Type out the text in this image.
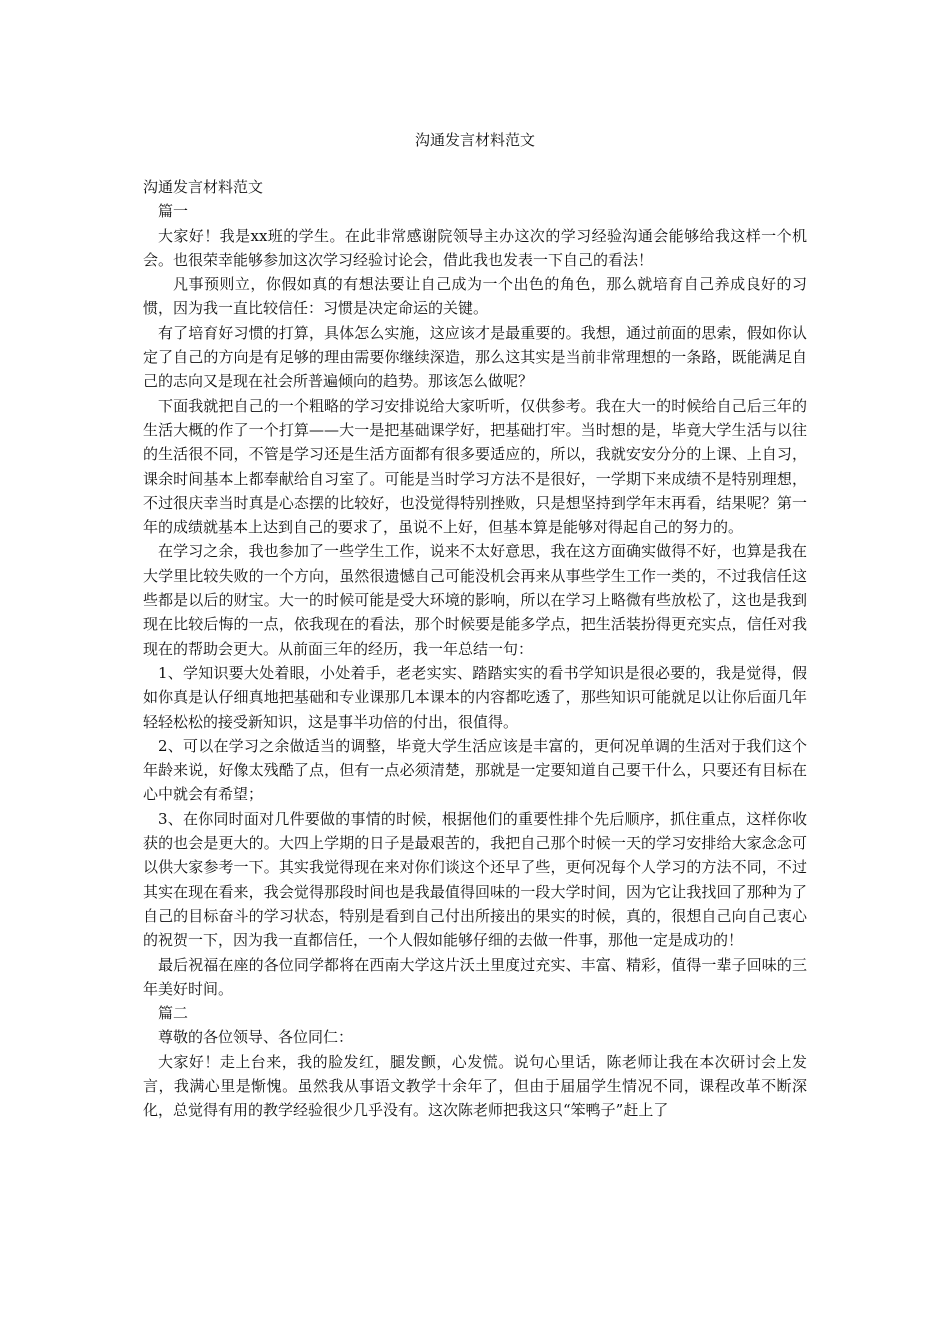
沟通发言材料范文

沟通发言材料范文

篇一

大家好！我是xx班的学生。在此非常感谢院领导主办这次的学习经验沟通会能够给我这样一个机会。也很荣幸能够参加这次学习经验讨论会，借此我也发表一下自己的看法！

凡事预则立，你假如真的有想法要让自己成为一个出色的角色，那么就培育自己养成良好的习惯，因为我一直比较信任：习惯是决定命运的关键。

有了培育好习惯的打算，具体怎么实施，这应该才是最重要的。我想，通过前面的思索，假如你认定了自己的方向是有足够的理由需要你继续深造，那么这其实是当前非常理想的一条路，既能满足自己的志向又是现在社会所普遍倾向的趋势。那该怎么做呢？

下面我就把自己的一个粗略的学习安排说给大家听听，仅供参考。我在大一的时候给自己后三年的生活大概的作了一个打算——大一是把基础课学好，把基础打牢。当时想的是，毕竟大学生活与以往的生活很不同，不管是学习还是生活方面都有很多要适应的，所以，我就安安分分的上课、上自习，课余时间基本上都奉献给自习室了。可能是当时学习方法不是很好，一学期下来成绩不是特别理想，不过很庆幸当时真是心态摆的比较好，也没觉得特别挫败，只是想坚持到学年末再看，结果呢？第一年的成绩就基本上达到自己的要求了，虽说不上好，但基本算是能够对得起自己的努力的。

在学习之余，我也参加了一些学生工作，说来不太好意思，我在这方面确实做得不好，也算是我在大学里比较失败的一个方向，虽然很遗憾自己可能没机会再来从事些学生工作一类的，不过我信任这些都是以后的财宝。大一的时候可能是受大环境的影响，所以在学习上略微有些放松了，这也是我到现在比较后悔的一点，依我现在的看法，那个时候要是能多学点，把生活装扮得更充实点，信任对我现在的帮助会更大。从前面三年的经历，我一年总结一句：

1、学知识要大处着眼，小处着手，老老实实、踏踏实实的看书学知识是很必要的，我是觉得，假如你真是认仔细真地把基础和专业课那几本课本的内容都吃透了，那些知识可能就足以让你后面几年轻轻松松的接受新知识，这是事半功倍的付出，很值得。

2、可以在学习之余做适当的调整，毕竟大学生活应该是丰富的，更何况单调的生活对于我们这个年龄来说，好像太残酷了点，但有一点必须清楚，那就是一定要知道自己要干什么，只要还有目标在心中就会有希望；

3、在你同时面对几件要做的事情的时候，根据他们的重要性排个先后顺序，抓住重点，这样你收获的也会是更大的。大四上学期的日子是最艰苦的，我把自己那个时候一天的学习安排给大家念念可以供大家参考一下。其实我觉得现在来对你们谈这个还早了些，更何况每个人学习的方法不同，不过其实在现在看来，我会觉得那段时间也是我最值得回味的一段大学时间，因为它让我找回了那种为了自己的目标奋斗的学习状态，特别是看到自己付出所接出的果实的时候，真的，很想自己向自己衷心的祝贺一下，因为我一直都信任，一个人假如能够仔细的去做一件事，那他一定是成功的！

最后祝福在座的各位同学都将在西南大学这片沃土里度过充实、丰富、精彩，值得一辈子回味的三年美好时间。

篇二

尊敬的各位领导、各位同仁：

大家好！走上台来，我的脸发红，腿发颤，心发慌。说句心里话，陈老师让我在本次研讨会上发言，我满心里是惭愧。虽然我从事语文教学十余年了，但由于届届学生情况不同，课程改革不断深化，总觉得有用的教学经验很少几乎没有。这次陈老师把我这只“笨鸭子”赶上了
